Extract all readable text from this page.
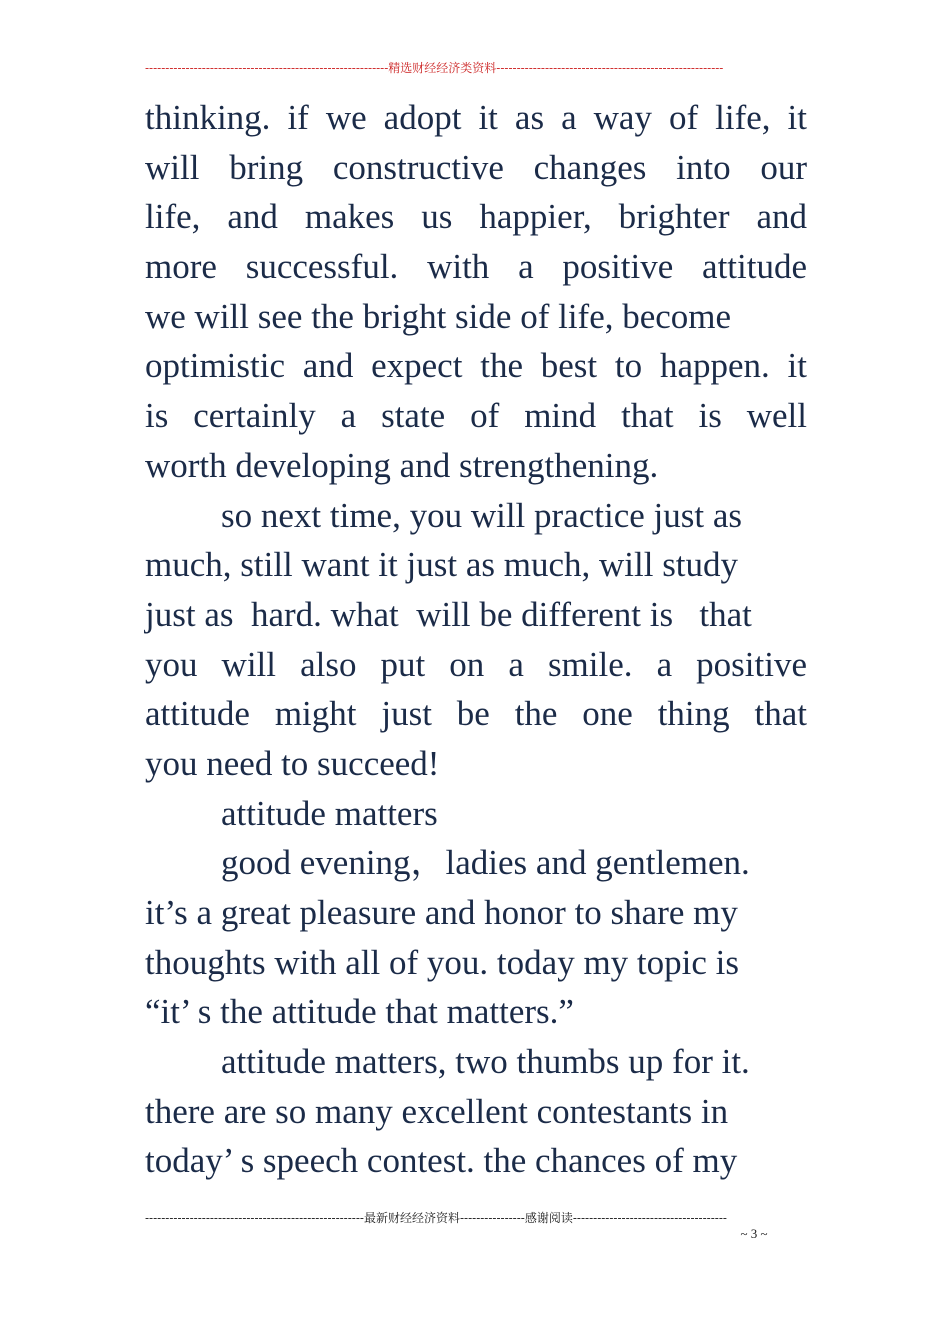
------------------------------------------------------------精选财经经济类资料--------------------------------------------------------
thinking. if we adopt it as a way of life, it
will bring constructive changes into our
life, and makes us happier, brighter and
more successful. with a positive attitude
we will see the bright side of life, become
optimistic and expect the best to happen. it
is certainly a state of mind that is well
worth developing and strengthening.
so next time, you will practice just as
much, still want it just as much, will study
just as  hard. what  will be different is   that
you will also put on a smile. a positive
attitude might just be the one thing that
you need to succeed!
attitude matters
good evening，ladies and gentlemen.
it’s a great pleasure and honor to share my
thoughts with all of you. today my topic is
“it’ s the attitude that matters.”
attitude matters, two thumbs up for it.
there are so many excellent contestants in
today’ s speech contest. the chances of my
------------------------------------------------------最新财经经济资料----------------感谢阅读--------------------------------------
~ 3 ~
